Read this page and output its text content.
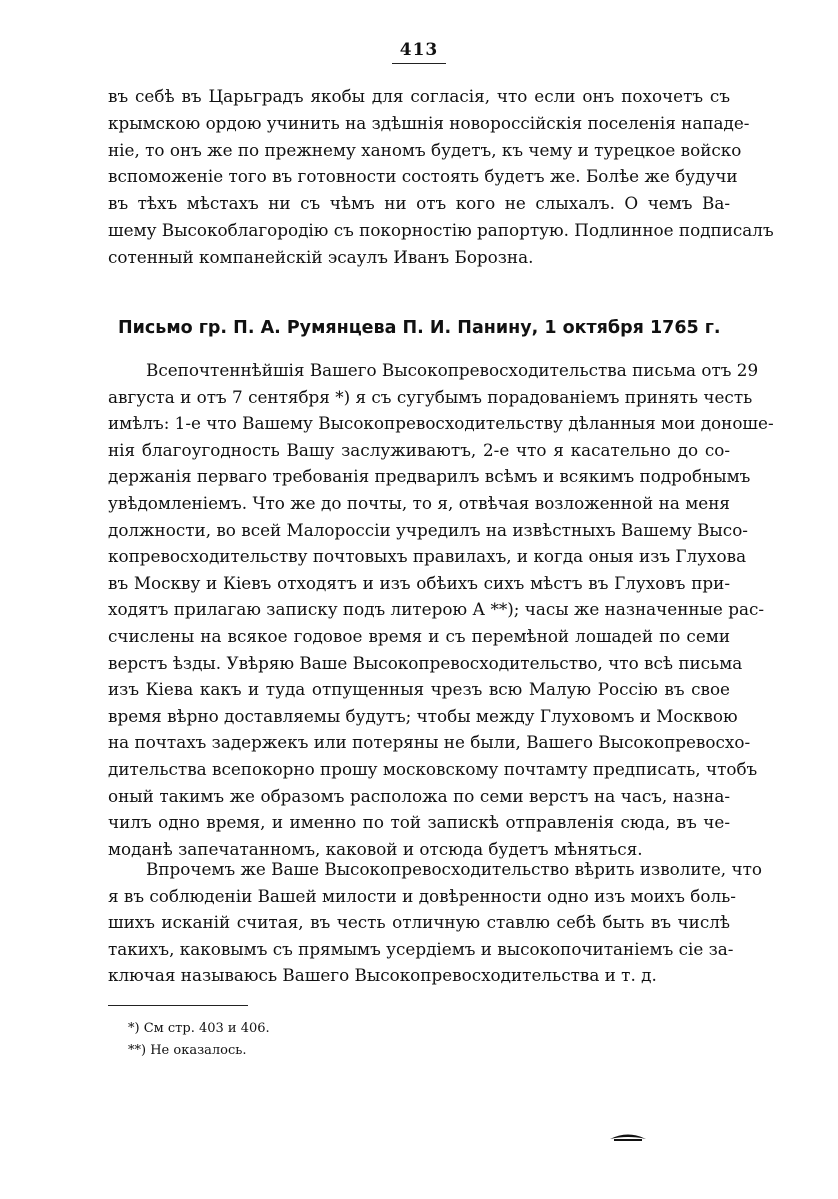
413
въ себѣ въ Царьградъ якобы для согласія, что если онъ похочетъ съ
крымскою ордою учинить на здѣшнія новороссійскія поселенія нападе-
ніе, то онъ же по прежнему ханомъ будетъ, къ чему и турецкое войско
вспоможеніе того въ готовности состоять будетъ же. Болѣе же будучи
въ тѣхъ мѣстахъ ни съ чѣмъ ни отъ кого не слыхалъ. О чемъ Ва-
шему Высокоблагородію съ покорностію рапортую. Подлинное подписалъ
сотенный компанейскій эсаулъ Иванъ Борозна.
Письмо гр. П. А. Румянцева П. И. Панину, 1 октября 1765 г.
Всепочтеннѣйшія Вашего Высокопревосходительства письма отъ 29
августа и отъ 7 сентября *) я съ сугубымъ порадованіемъ принять честь
имѣлъ: 1-е что Вашему Высокопревосходительству дѣланныя мои доноше-
нія благоугодность Вашу заслуживаютъ, 2-е что я касательно до со-
держанія перваго требованія предварилъ всѣмъ и всякимъ подробнымъ
увѣдомленіемъ. Что же до почты, то я, отвѣчая возложенной на меня
должности, во всей Малороссіи учредилъ на извѣстныхъ Вашему Высо-
копревосходительству почтовыхъ правилахъ, и когда оныя изъ Глухова
въ Москву и Кіевъ отходятъ и изъ обѣихъ сихъ мѣстъ въ Глуховъ при-
ходятъ прилагаю записку подъ литерою А **); часы же назначенные рас-
счислены на всякое годовое время и съ перемѣной лошадей по семи
верстъ ѣзды. Увѣряю Ваше Высокопревосходительство, что всѣ письма
изъ Кіева какъ и туда отпущенныя чрезъ всю Малую Россію въ свое
время вѣрно доставляемы будутъ; чтобы между Глуховомъ и Москвою
на почтахъ задержекъ или потеряны не были, Вашего Высокопревосхо-
дительства всепокорно прошу московскому почтамту предписать, чтобъ
оный такимъ же образомъ расположа по семи верстъ на часъ, назна-
чилъ одно время, и именно по той запискѣ отправленія сюда, въ че-
моданѣ запечатанномъ, каковой и отсюда будетъ мѣняться.
Впрочемъ же Ваше Высокопревосходительство вѣрить изволите, что
я въ соблюденіи Вашей милости и довѣренности одно изъ моихъ боль-
шихъ исканій считая, въ честь отличную ставлю себѣ быть въ числѣ
такихъ, каковымъ съ прямымъ усердіемъ и высокопочитаніемъ сіе за-
ключая называюсь Вашего Высокопревосходительства и т. д.
*) См стр. 403 и 406.
**) Не оказалось.
